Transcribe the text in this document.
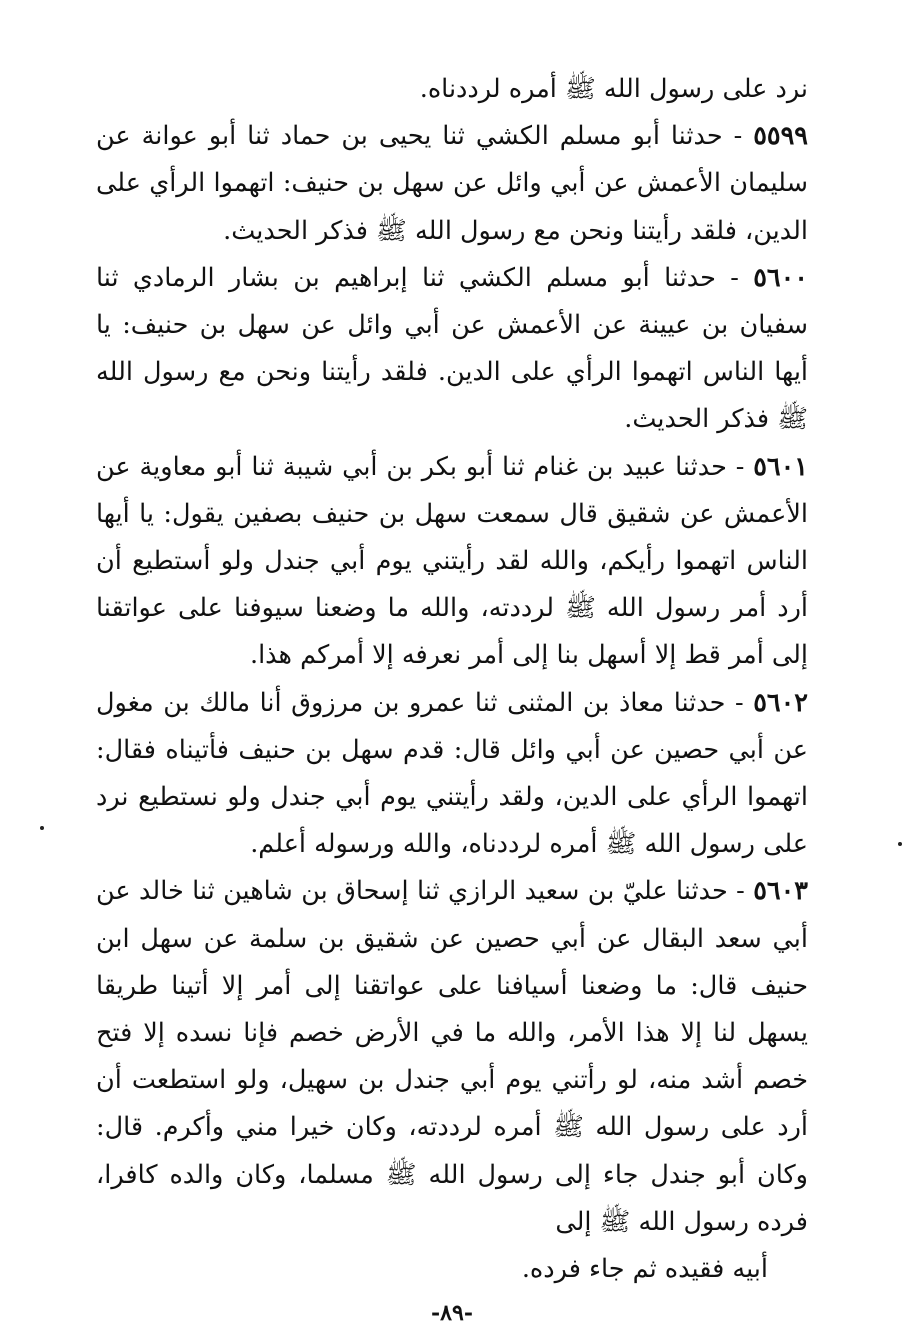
نرد على رسول الله ﷺ أمره لرددناه.

٥٥٩٩ - حدثنا أبو مسلم الكشي ثنا يحيى بن حماد ثنا أبو عوانة عن سليمان الأعمش عن أبي وائل عن سهل بن حنيف: اتهموا الرأي على الدين، فلقد رأيتنا ونحن مع رسول الله ﷺ فذكر الحديث.

٥٦٠٠ - حدثنا أبو مسلم الكشي ثنا إبراهيم بن بشار الرمادي ثنا سفيان بن عيينة عن الأعمش عن أبي وائل عن سهل بن حنيف: يا أيها الناس اتهموا الرأي على الدين. فلقد رأيتنا ونحن مع رسول الله ﷺ فذكر الحديث.

٥٦٠١ - حدثنا عبيد بن غنام ثنا أبو بكر بن أبي شيبة ثنا أبو معاوية عن الأعمش عن شقيق قال سمعت سهل بن حنيف بصفين يقول: يا أيها الناس اتهموا رأيكم، والله لقد رأيتني يوم أبي جندل ولو أستطيع أن أرد أمر رسول الله ﷺ لرددته، والله ما وضعنا سيوفنا على عواتقنا إلى أمر قط إلا أسهل بنا إلى أمر نعرفه إلا أمركم هذا.

٥٦٠٢ - حدثنا معاذ بن المثنى ثنا عمرو بن مرزوق أنا مالك بن مغول عن أبي حصين عن أبي وائل قال: قدم سهل بن حنيف فأتيناه فقال: اتهموا الرأي على الدين، ولقد رأيتني يوم أبي جندل ولو نستطيع نرد على رسول الله ﷺ أمره لرددناه، والله ورسوله أعلم.

٥٦٠٣ - حدثنا عليّ بن سعيد الرازي ثنا إسحاق بن شاهين ثنا خالد عن أبي سعد البقال عن أبي حصين عن شقيق بن سلمة عن سهل ابن حنيف قال: ما وضعنا أسيافنا على عواتقنا إلى أمر إلا أتينا طريقا يسهل لنا إلا هذا الأمر، والله ما في الأرض خصم فإنا نسده إلا فتح خصم أشد منه، لو رأتني يوم أبي جندل بن سهيل، ولو استطعت أن أرد على رسول الله ﷺ أمره لرددته، وكان خيرا مني وأكرم. قال: وكان أبو جندل جاء إلى رسول الله ﷺ مسلما، وكان والده كافرا، فرده رسول الله ﷺ إلى

أبيه فقيده ثم جاء فرده.

-٨٩-
